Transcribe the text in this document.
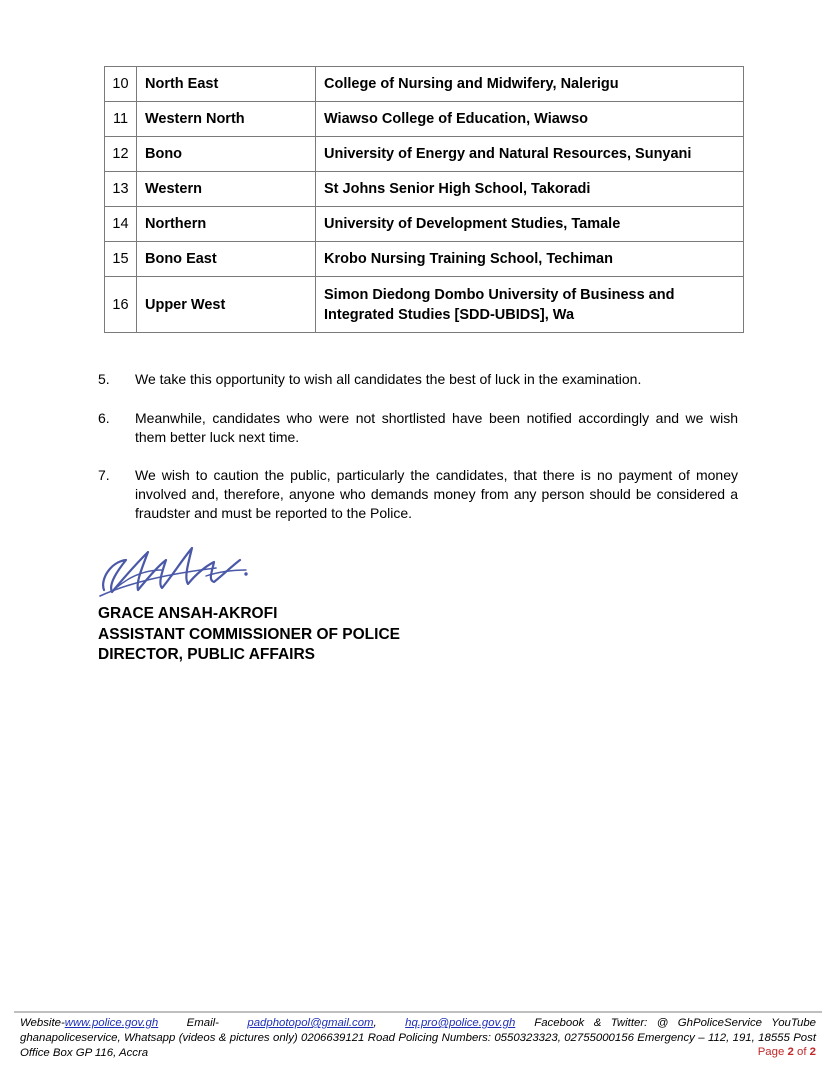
10	North East	College of Nursing and Midwifery, Nalerigu
11	Western North	Wiawso College of Education, Wiawso
12	Bono	University of Energy and Natural Resources, Sunyani
13	Western	St Johns Senior High School, Takoradi
14	Northern	University of Development Studies, Tamale
15	Bono East	Krobo Nursing Training School, Techiman
16	Upper West	Simon Diedong Dombo University of Business and
Integrated Studies [SDD-UBIDS], Wa
5. We take this opportunity to wish all candidates the best of luck in the examination.
6. Meanwhile, candidates who were not shortlisted have been notified accordingly and we wish them better luck next time.
7. We wish to caution the public, particularly the candidates, that there is no payment of money involved and, therefore, anyone who demands money from any person should be considered a fraudster and must be reported to the Police.
GRACE ANSAH-AKROFI
ASSISTANT COMMISSIONER OF POLICE
DIRECTOR, PUBLIC AFFAIRS
Website-www.police.gov.gh Email- padphotopol@gmail.com, hq.pro@police.gov.gh Facebook & Twitter: @ GhPoliceService YouTube ghanapoliceservice, Whatsapp (videos & pictures only) 0206639121 Road Policing Numbers: 0550323323, 02755000156 Emergency – 112, 191, 18555 Post Office Box GP 116, Accra	Page 2 of 2
